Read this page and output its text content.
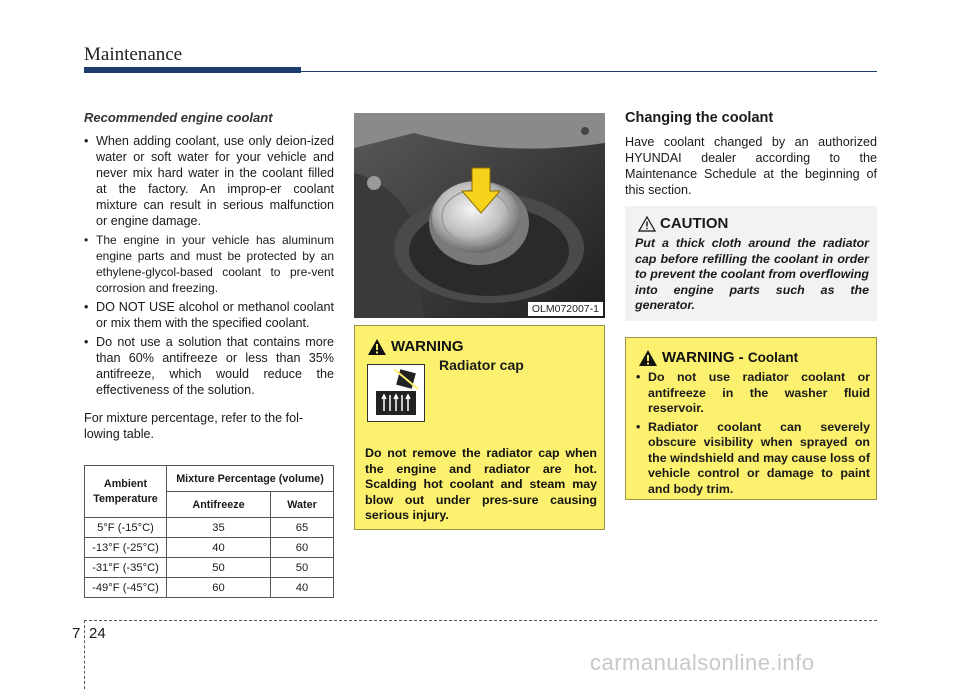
Maintenance
Recommended engine coolant
• When adding coolant, use only deion-ized water or soft water for your vehicle and never mix hard water in the coolant filled at the factory. An improp-er coolant mixture can result in serious malfunction or engine damage.
• The engine in your vehicle has aluminum engine parts and must be protected by an ethylene-glycol-based coolant to pre-vent corrosion and freezing.
• DO NOT USE alcohol or methanol coolant or mix them with the specified coolant.
• Do not use a solution that contains more than 60% antifreeze or less than 35% antifreeze, which would reduce the effectiveness of the solution.
For mixture percentage, refer to the fol-lowing table.
Ambient Temperature	Mixture Percentage (volume)	
	Antifreeze	Water
5°F (-15°C)	35	65
-13°F (-25°C)	40	60
-31°F (-35°C)	50	50
-49°F (-45°C)	60	40
OLM072007-1
WARNING
Radiator cap
Do not remove the radiator cap when the engine and radiator are hot. Scalding hot coolant and steam may blow out under pres-sure causing serious injury.
Changing the coolant
Have coolant changed by an authorized HYUNDAI dealer according to the Maintenance Schedule at the beginning of this section.
CAUTION
Put a thick cloth around the radiator cap before refilling the coolant in order to prevent the coolant from overflowing into engine parts such as the generator.
WARNING - Coolant
• Do not use radiator coolant or antifreeze in the washer fluid reservoir.
• Radiator coolant can severely obscure visibility when sprayed on the windshield and may cause loss of vehicle control or damage to paint and body trim.
7 24
carmanualsonline.info
